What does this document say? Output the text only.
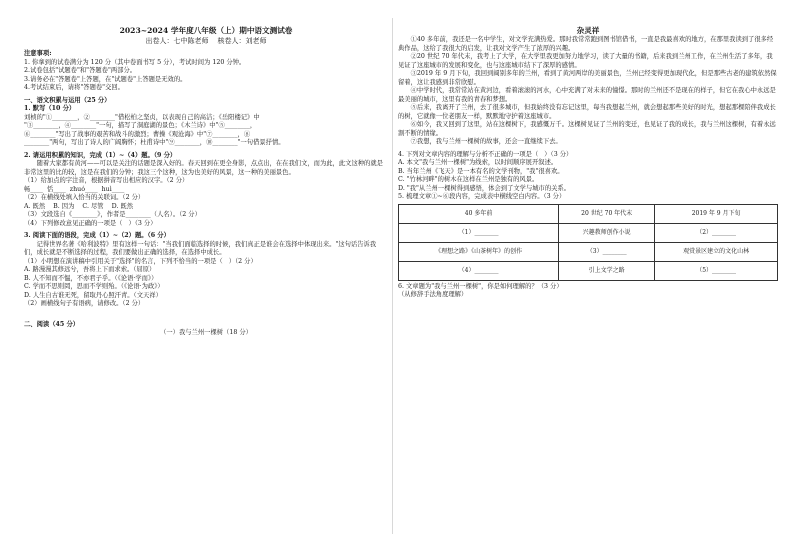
2023~2024 学年度八年级（上）期中语文测试卷

出卷人：七中陈老师    核卷人：刘老师

注意事项:

1. 你拿到的试卷满分为 120 分（其中卷面书写 5 分），考试时间为 120 分钟。

2.试卷包括"试题卷"和"答题卷"两部分。

3.请务必在"答题卷"上答题，在"试题卷"上答题是无效的。

4.考试结束后，请将"答题卷"交回。

一、语文积累与运用（25 分）

1. 默写（10 分）

刘桢的"①________，②________"借松柏之坚贞，以表现自己的高洁；《岳阳楼记》中

"③________，④________"一句，描写了洞庭湖的景色；《木兰诗》中"⑤________，

⑥________"写出了战事的艰苦和战斗的激烈；曹操《观沧海》中"⑦________，⑧

________"两句，写出了诗人的广阔胸怀；杜甫诗中"⑨________，⑩________"一句借景抒情。

2. 请运用积累的知识，完成（1）~（4）题。（9 分）

　　随着大家都有黄河——可以是关注的话题是深入好的。春天回到在更全身影，点点出，在在我们文，而为此，此文这种的就是非常这里的比的较，这是在我们的分钟；我这三个这种，这为也美好的风景，这一种的美丽景色。

（1）给加点的字注音，根据拼音写出相应的汉字。（2 分）

畅____  恬____  zhuó____  huì____

（2）在横线处填入恰当的关联词。（2 分）

A. 既然    B. 因为    C. 尽管    D. 既然

（3）文段选自《________》，作者是________（人名）。（2 分）

（4）下列修改意见正确的一项是（   ）（3 分）

3. 阅读下面的语段，完成（1）~（2）题。（6 分）

　　记得世界名著《哈利波特》里有这样一句话："当我们面临选择的时候，我们真正是谁会在选择中体现出来。"这句话告诉我们，成长就是不断选择的过程，我们要做出正确的选择，在选择中成长。

（1）小明想在演讲稿中引用关于"选择"的名言，下列不恰当的一项是（   ）（2 分）

A. 路漫漫其修远兮，吾将上下而求索。（屈原）

B. 人不知而不愠，不亦君子乎。（《论语·学而》）

C. 学而不思则罔，思而不学则殆。（《论语·为政》）

D. 人生自古谁无死，留取丹心照汗青。（文天祥）

（2）画横线句子有语病，请修改。（2 分）

二、阅读（45 分）

（一）我与兰州一棵树（18 分）

杂灵祥

　　①40 多年前，我还是一名中学生，对文学充满热爱。那时我常常跑到图书馆借书，一直是我最喜欢的地方，在那里我读到了很多经典作品，这给了我很大的启发，让我对文学产生了浓厚的兴趣。

　　②20 世纪 70 年代末，我考上了大学，在大学里我更加努力地学习，读了大量的书籍，后来我到兰州工作，在兰州生活了多年，我见证了这座城市的发展和变化，也与这座城市结下了深厚的感情。

　　③2019 年 9 月下旬，我回到阔别多年的兰州，看到了黄河两岸的美丽景色，兰州已经变得更加现代化，但是那些古老的建筑依然保留着，这让我感到非常欣慰。

　　④中学时代，我常常站在黄河边，看着滚滚的河水，心中充满了对未来的憧憬。那时的兰州还不是现在的样子，但它在我心中永远是最美丽的城市，这里有我的青春和梦想。

　　⑤后来，我离开了兰州，去了很多城市，但我始终没有忘记这里，每当我想起兰州，就会想起那些美好的时光，想起那棵陪伴我成长的树，它就像一位老朋友一样，默默地守护着这座城市。

　　⑥如今，我又回到了这里，站在这棵树下，我感慨万千。这棵树见证了兰州的变迁，也见证了我的成长，我与兰州这棵树，有着永远割不断的情缘。

　　⑦我想，我与兰州一棵树的故事，还会一直继续下去。

4. 下列对文章内容的理解与分析不正确的一项是（   ）（3 分）

A. 本文"我与兰州一棵树"为线索，以时间顺序展开叙述。

B. 当年兰州《飞天》是一本有名的文学刊物，"我"很喜欢。

C. "竹林河畔"的树木在这样在兰州是独有的风景。

D. "我"从兰州一棵树得到感悟，体会到了文学与城市的关系。

5. 梳理文章①~⑥段内容，完成表中横线空白内容。（3 分）

40 多年前	20 世纪 70 年代末	2019 年 9 月下旬
（1）________	兴趣教师创作小说	（2）________
《理想之路》《山茶树年》的创作	（3）________	观赏景区建立的文化山林
（4）________	引上文学之路	（5）________

6. 文章题为"我与兰州一棵树"，你是如何理解的？（3 分）

（从修辞手法角度理解）
